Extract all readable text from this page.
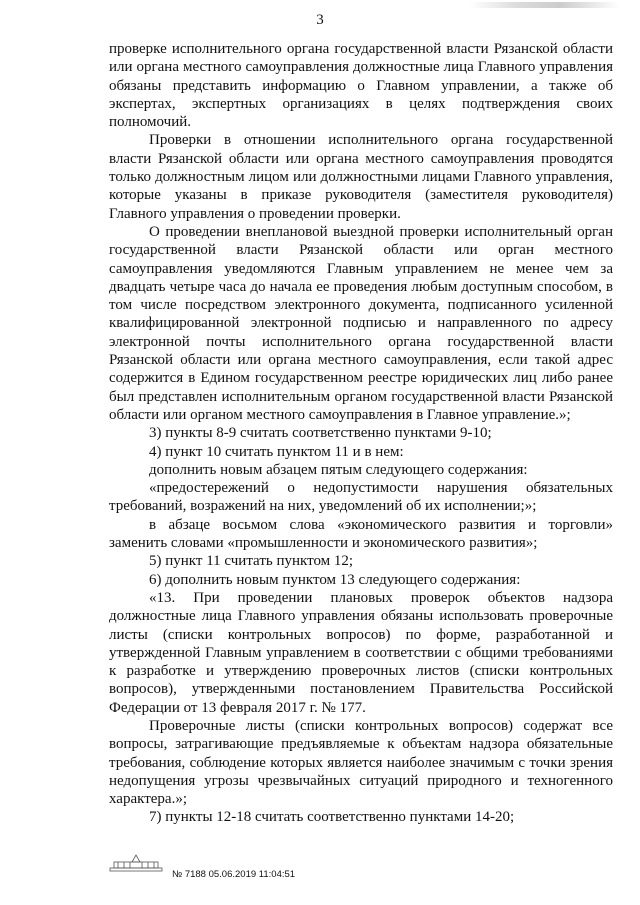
3

проверке исполнительного органа государственной власти Рязанской области или органа местного самоуправления должностные лица Главного управления обязаны представить информацию о Главном управлении, а также об экспертах, экспертных организациях в целях подтверждения своих полномочий.

Проверки в отношении исполнительного органа государственной власти Рязанской области или органа местного самоуправления проводятся только должностным лицом или должностными лицами Главного управления, которые указаны в приказе руководителя (заместителя руководителя) Главного управления о проведении проверки.

О проведении внеплановой выездной проверки исполнительный орган государственной власти Рязанской области или орган местного самоуправления уведомляются Главным управлением не менее чем за двадцать четыре часа до начала ее проведения любым доступным способом, в том числе посредством электронного документа, подписанного усиленной квалифицированной электронной подписью и направленного по адресу электронной почты исполнительного органа государственной власти Рязанской области или органа местного самоуправления, если такой адрес содержится в Едином государственном реестре юридических лиц либо ранее был представлен исполнительным органом государственной власти Рязанской области или органом местного самоуправления в Главное управление.»;

3) пункты 8-9 считать соответственно пунктами 9-10;

4) пункт 10 считать пунктом 11 и в нем:

дополнить новым абзацем пятым следующего содержания:

«предостережений о недопустимости нарушения обязательных требований, возражений на них, уведомлений об их исполнении;»;

в абзаце восьмом слова «экономического развития и торговли» заменить словами «промышленности и экономического развития»;

5) пункт 11 считать пунктом 12;

6) дополнить новым пунктом 13 следующего содержания:

«13. При проведении плановых проверок объектов надзора должностные лица Главного управления обязаны использовать проверочные листы (списки контрольных вопросов) по форме, разработанной и утвержденной Главным управлением в соответствии с общими требованиями к разработке и утверждению проверочных листов (списки контрольных вопросов), утвержденными постановлением Правительства Российской Федерации от 13 февраля 2017 г. № 177.

Проверочные листы (списки контрольных вопросов) содержат все вопросы, затрагивающие предъявляемые к объектам надзора обязательные требования, соблюдение которых является наиболее значимым с точки зрения недопущения угрозы чрезвычайных ситуаций природного и техногенного характера.»;

7) пункты 12-18 считать соответственно пунктами 14-20;

№ 7188 05.06.2019 11:04:51
